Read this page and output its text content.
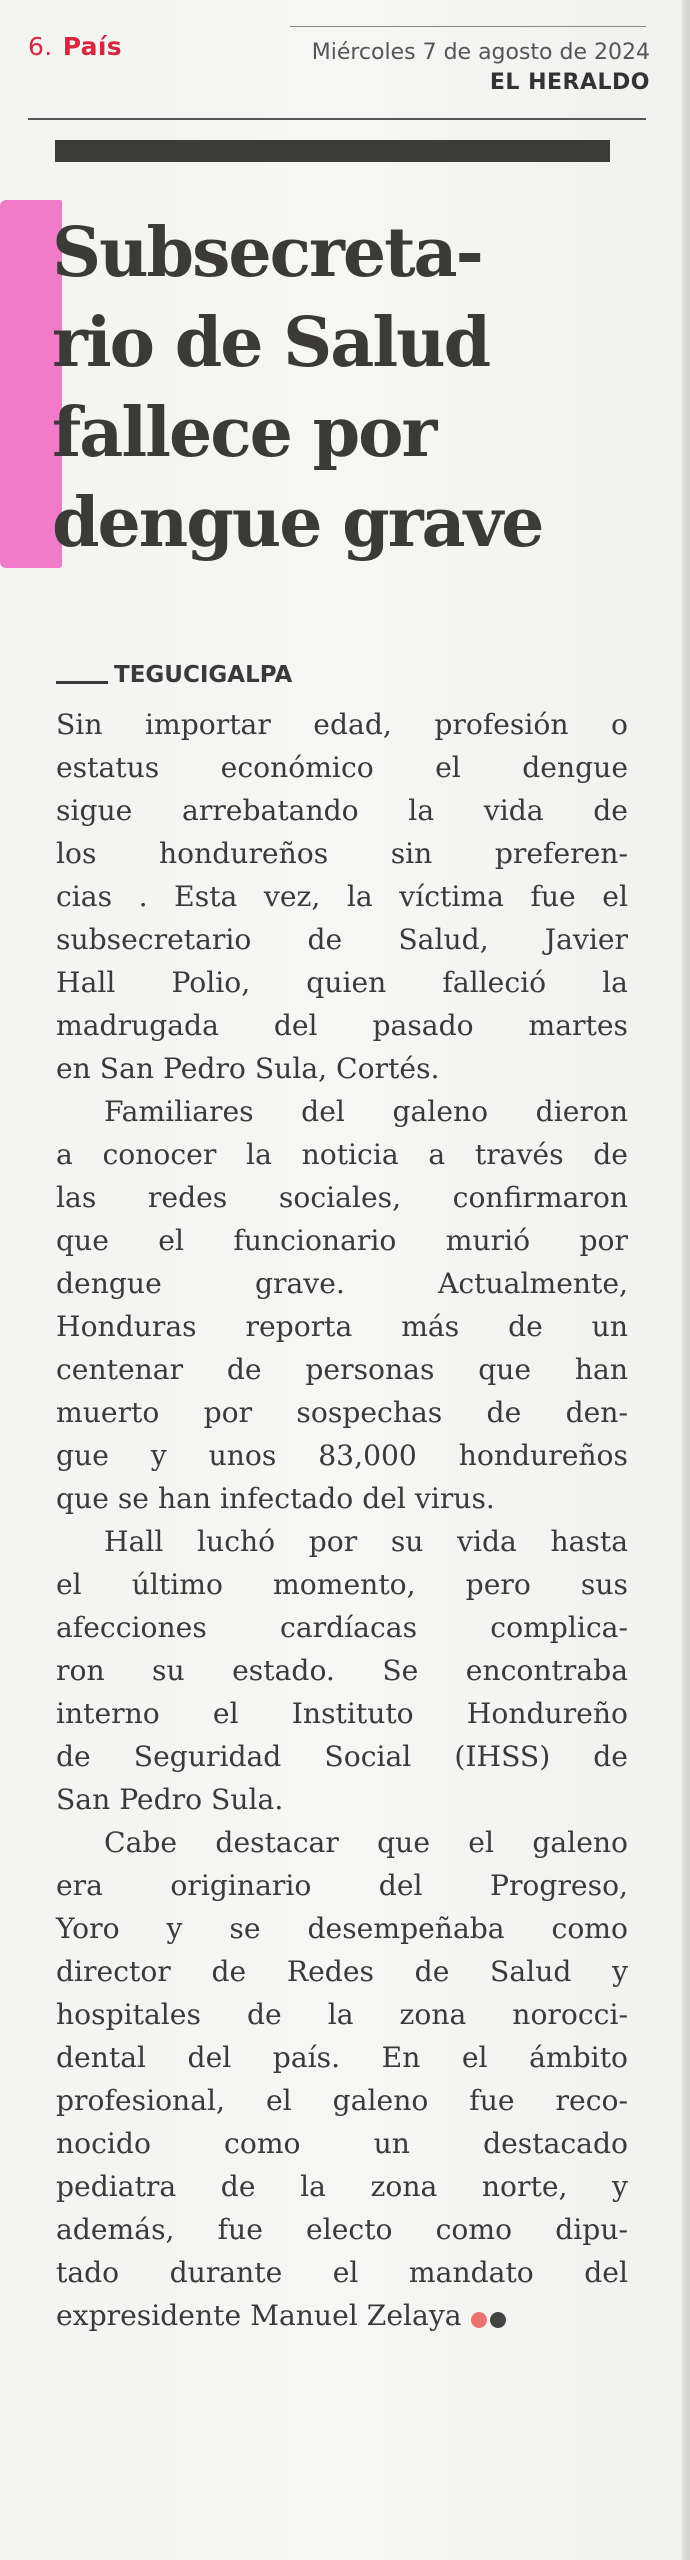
6. País	Miércoles 7 de agosto de 2024
EL HERALDO
Subsecreta-
rio de Salud
fallece por
dengue grave
TEGUCIGALPA
Sin importar edad, profesión o
estatus económico el dengue
sigue arrebatando la vida de
los hondureños sin preferen-
cias . Esta vez, la víctima fue el
subsecretario de Salud, Javier
Hall Polio, quien falleció la
madrugada del pasado martes
en San Pedro Sula, Cortés.
Familiares del galeno dieron
a conocer la noticia a través de
las redes sociales, confirmaron
que el funcionario murió por
dengue grave. Actualmente,
Honduras reporta más de un
centenar de personas que han
muerto por sospechas de den-
gue y unos 83,000 hondureños
que se han infectado del virus.
Hall luchó por su vida hasta
el último momento, pero sus
afecciones cardíacas complica-
ron su estado. Se encontraba
interno el Instituto Hondureño
de Seguridad Social (IHSS) de
San Pedro Sula.
Cabe destacar que el galeno
era originario del Progreso,
Yoro y se desempeñaba como
director de Redes de Salud y
hospitales de la zona norocci-
dental del país. En el ámbito
profesional, el galeno fue reco-
nocido como un destacado
pediatra de la zona norte, y
además, fue electo como dipu-
tado durante el mandato del
expresidente Manuel Zelaya
